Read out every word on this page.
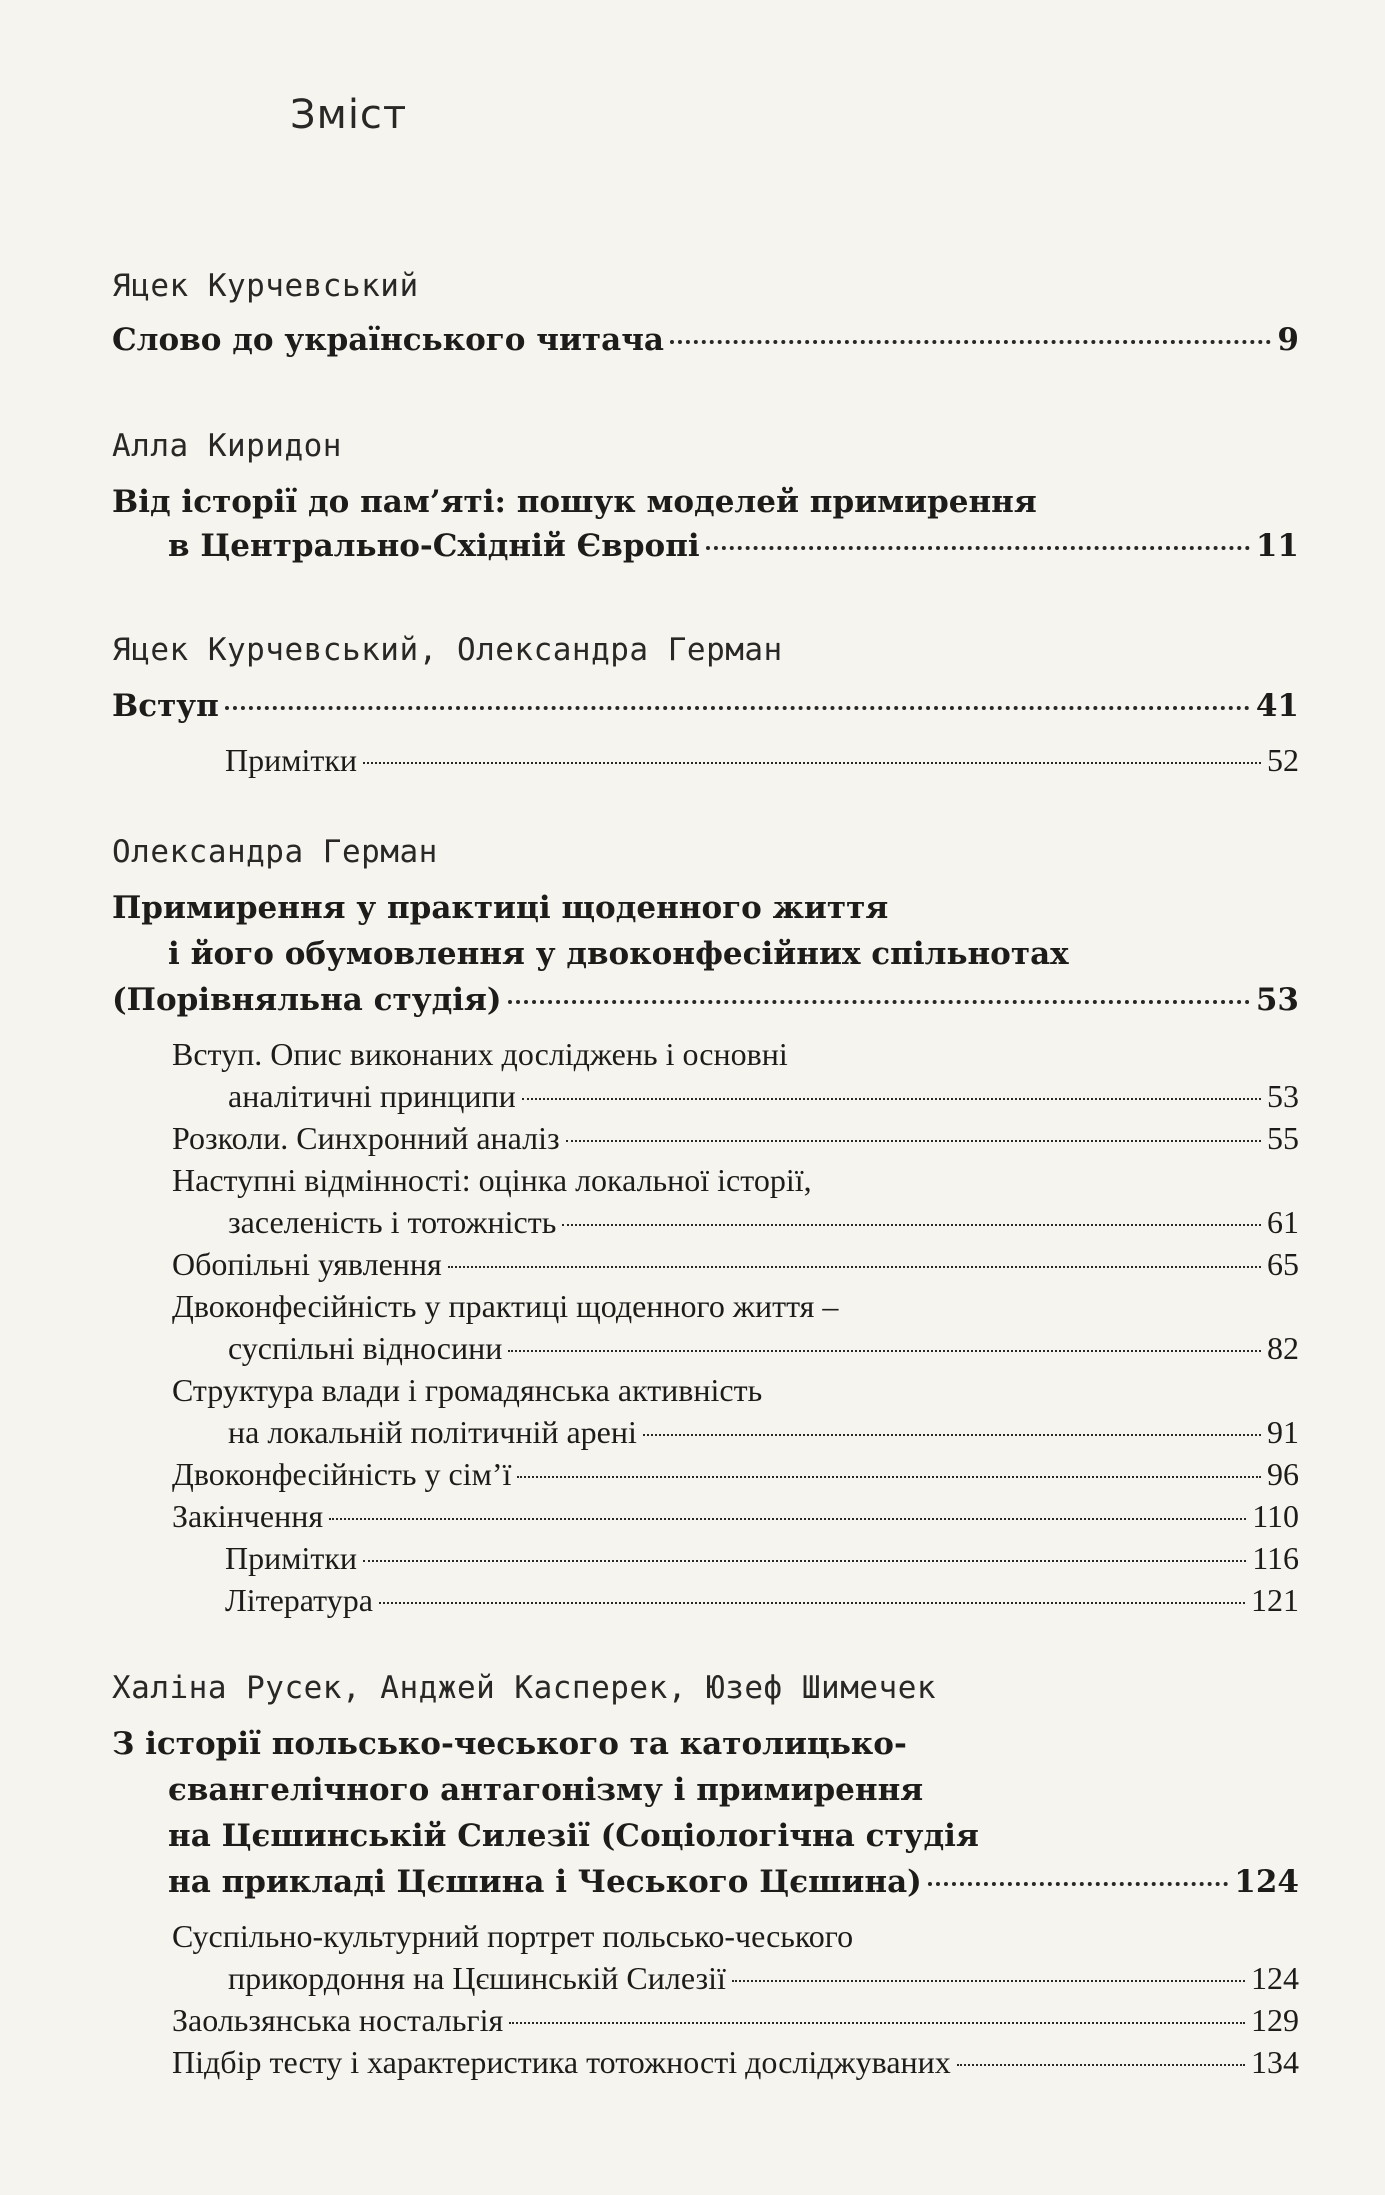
Зміст
Яцек Курчевський
Слово до українського читача	9
Алла Киридон
Від історії до пам’яті: пошук моделей примирення
в Центрально-Східній Європі	11
Яцек Курчевський, Олександра Герман
Вступ	41
Примітки	52
Олександра Герман
Примирення у практиці щоденного життя
і його обумовлення у двоконфесійних спільнотах
(Порівняльна студія)	53
Вступ. Опис виконаних досліджень і основні
аналітичні принципи	53
Розколи. Синхронний аналіз	55
Наступні відмінності: оцінка локальної історії,
заселеність і тотожність	61
Обопільні уявлення	65
Двоконфесійність у практиці щоденного життя –
суспільні відносини	82
Структура влади і громадянська активність
на локальній політичній арені	91
Двоконфесійність у сім’ї	96
Закінчення	110
Примітки	116
Література	121
Халіна Русек, Анджей Касперек, Юзеф Шимечек
З історії польсько-чеського та католицько-
євангелічного антагонізму і примирення
на Цєшинській Силезії (Соціологічна студія
на прикладі Цєшина і Чеського Цєшина)	124
Суспільно-культурний портрет польсько-чеського
прикордоння на Цєшинській Силезії	124
Заользянська ностальгія	129
Підбір тесту і характеристика тотожності досліджуваних	134
